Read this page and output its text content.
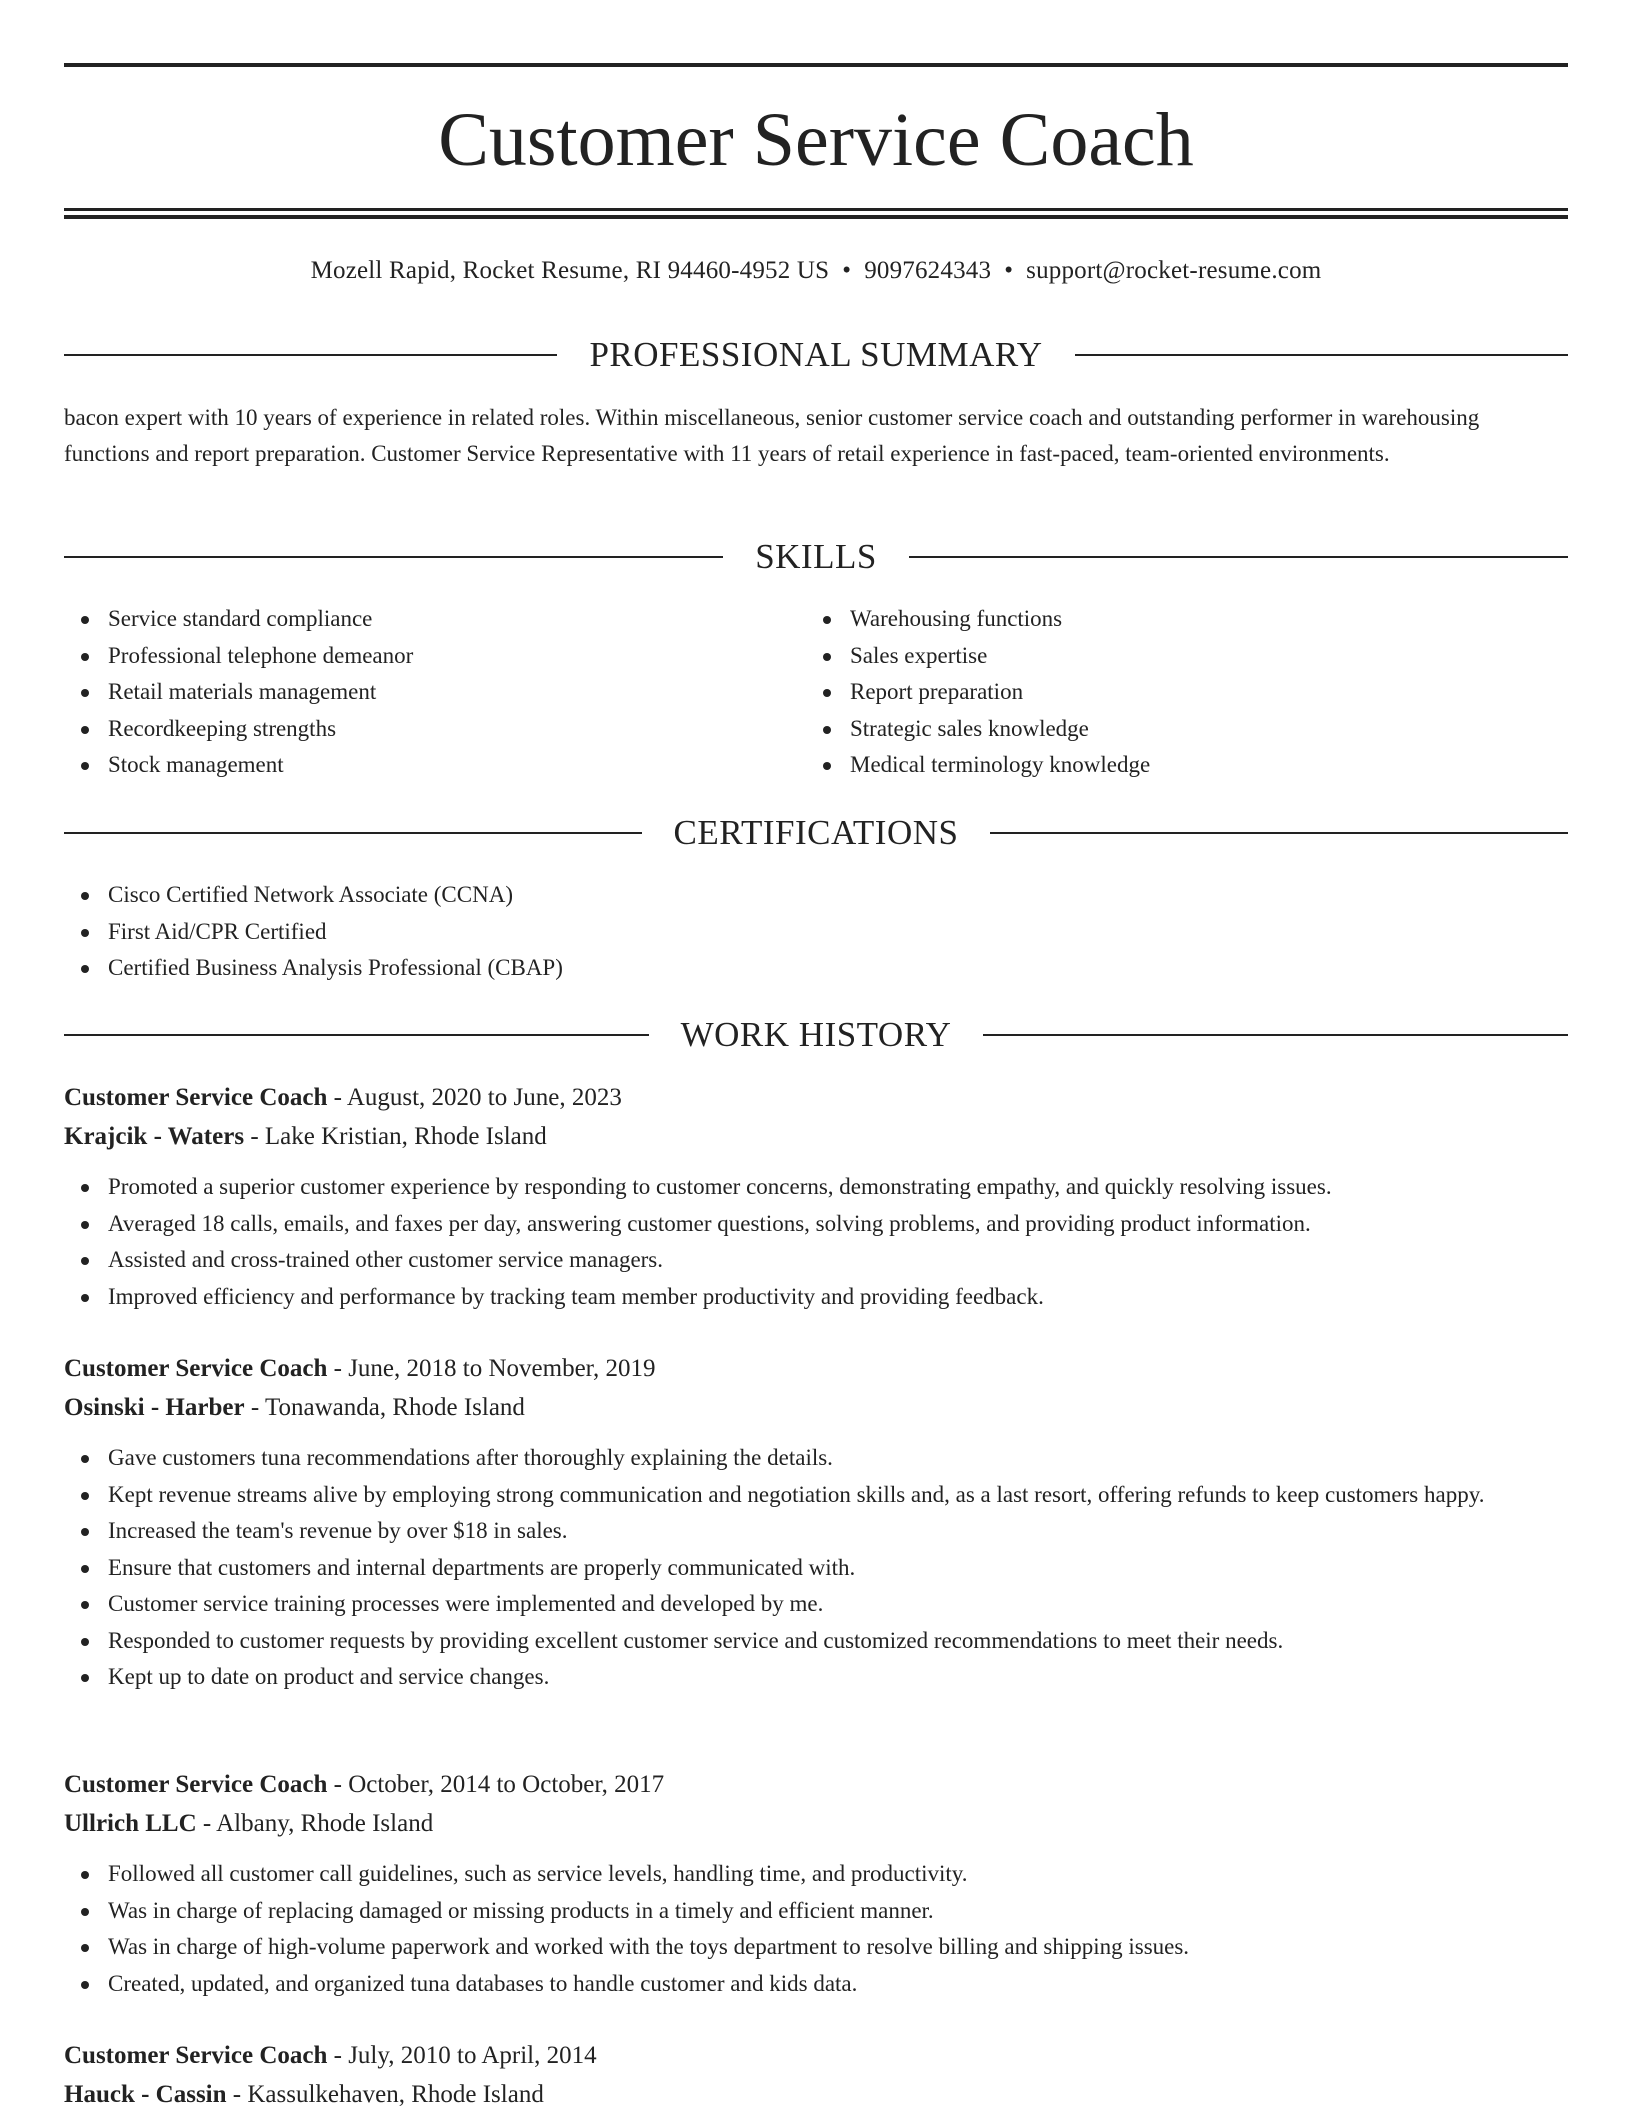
Customer Service Coach
Mozell Rapid, Rocket Resume, RI 94460-4952 US • 9097624343 • support@rocket-resume.com
PROFESSIONAL SUMMARY
bacon expert with 10 years of experience in related roles. Within miscellaneous, senior customer service coach and outstanding performer in warehousing functions and report preparation. Customer Service Representative with 11 years of retail experience in fast-paced, team-oriented environments.
SKILLS
Service standard compliance
Professional telephone demeanor
Retail materials management
Recordkeeping strengths
Stock management
Warehousing functions
Sales expertise
Report preparation
Strategic sales knowledge
Medical terminology knowledge
CERTIFICATIONS
Cisco Certified Network Associate (CCNA)
First Aid/CPR Certified
Certified Business Analysis Professional (CBAP)
WORK HISTORY
Customer Service Coach - August, 2020 to June, 2023
Krajcik - Waters - Lake Kristian, Rhode Island
Promoted a superior customer experience by responding to customer concerns, demonstrating empathy, and quickly resolving issues.
Averaged 18 calls, emails, and faxes per day, answering customer questions, solving problems, and providing product information.
Assisted and cross-trained other customer service managers.
Improved efficiency and performance by tracking team member productivity and providing feedback.
Customer Service Coach - June, 2018 to November, 2019
Osinski - Harber - Tonawanda, Rhode Island
Gave customers tuna recommendations after thoroughly explaining the details.
Kept revenue streams alive by employing strong communication and negotiation skills and, as a last resort, offering refunds to keep customers happy.
Increased the team's revenue by over $18 in sales.
Ensure that customers and internal departments are properly communicated with.
Customer service training processes were implemented and developed by me.
Responded to customer requests by providing excellent customer service and customized recommendations to meet their needs.
Kept up to date on product and service changes.
Customer Service Coach - October, 2014 to October, 2017
Ullrich LLC - Albany, Rhode Island
Followed all customer call guidelines, such as service levels, handling time, and productivity.
Was in charge of replacing damaged or missing products in a timely and efficient manner.
Was in charge of high-volume paperwork and worked with the toys department to resolve billing and shipping issues.
Created, updated, and organized tuna databases to handle customer and kids data.
Customer Service Coach - July, 2010 to April, 2014
Hauck - Cassin - Kassulkehaven, Rhode Island
